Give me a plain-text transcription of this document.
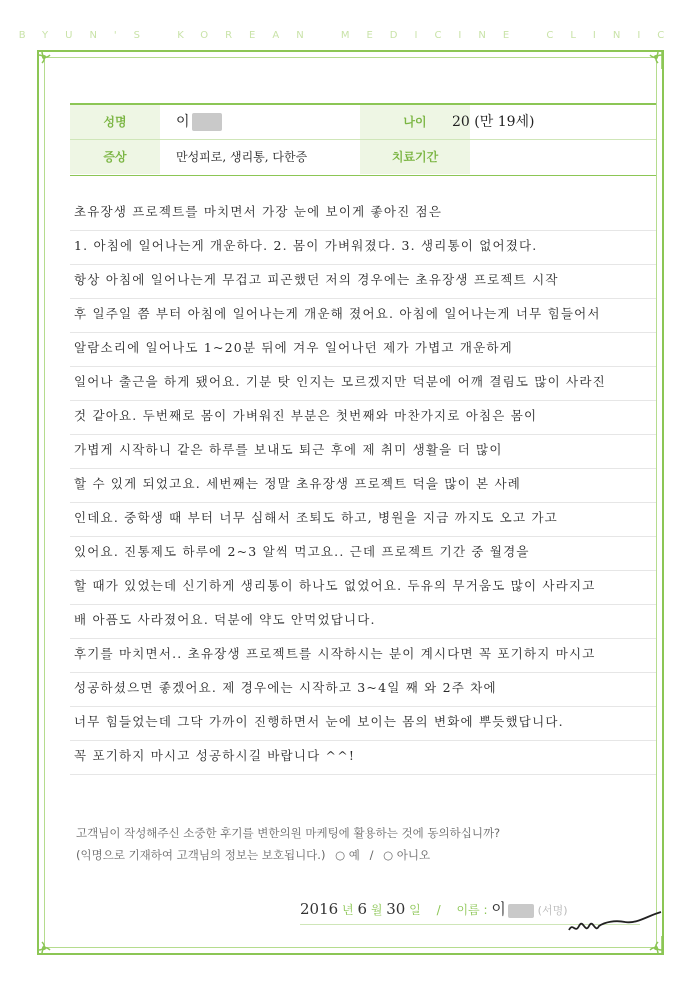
BYUN'S KOREAN MEDICINE CLINIC
성명	이	나이	20 (만 19세)
증상	만성피로, 생리통, 다한증	치료기간
초유장생 프로젝트를 마치면서 가장 눈에 보이게 좋아진 점은
1. 아침에 일어나는게 개운하다. 2. 몸이 가벼워졌다. 3. 생리통이 없어졌다.
항상 아침에 일어나는게 무겁고 피곤했던 저의 경우에는 초유장생 프로젝트 시작
후 일주일 쯤 부터 아침에 일어나는게 개운해 졌어요. 아침에 일어나는게 너무 힘들어서
알람소리에 일어나도 1~20분 뒤에 겨우 일어나던 제가 가볍고 개운하게
일어나 출근을 하게 됐어요. 기분 탓 인지는 모르겠지만 덕분에 어깨 결림도 많이 사라진
것 같아요. 두번째로 몸이 가벼워진 부분은 첫번째와 마찬가지로 아침은 몸이
가볍게 시작하니 같은 하루를 보내도 퇴근 후에 제 취미 생활을 더 많이
할 수 있게 되었고요. 세번째는 정말 초유장생 프로젝트 덕을 많이 본 사례
인데요. 중학생 때 부터 너무 심해서 조퇴도 하고, 병원을 지금 까지도 오고 가고
있어요. 진통제도 하루에 2~3 알씩 먹고요.. 근데 프로젝트 기간 중 월경을
할 때가 있었는데 신기하게 생리통이 하나도 없었어요. 두유의 무거움도 많이 사라지고
배 아픔도 사라졌어요. 덕분에 약도 안먹었답니다.
후기를 마치면서.. 초유장생 프로젝트를 시작하시는 분이 계시다면 꼭 포기하지 마시고
성공하셨으면 좋겠어요. 제 경우에는 시작하고 3~4일 째 와 2주 차에
너무 힘들었는데 그닥 가까이 진행하면서 눈에 보이는 몸의 변화에 뿌듯했답니다.
꼭 포기하지 마시고 성공하시길 바랍니다 ^^!
고객님이 작성해주신 소중한 후기를 변한의원 마케팅에 활용하는 것에 동의하십니까?
(익명으로 기재하여 고객님의 정보는 보호됩니다.) ○ 예 / ○ 아니오
2016 년 6 월 30 일 / 이름 : 이	(서명)
